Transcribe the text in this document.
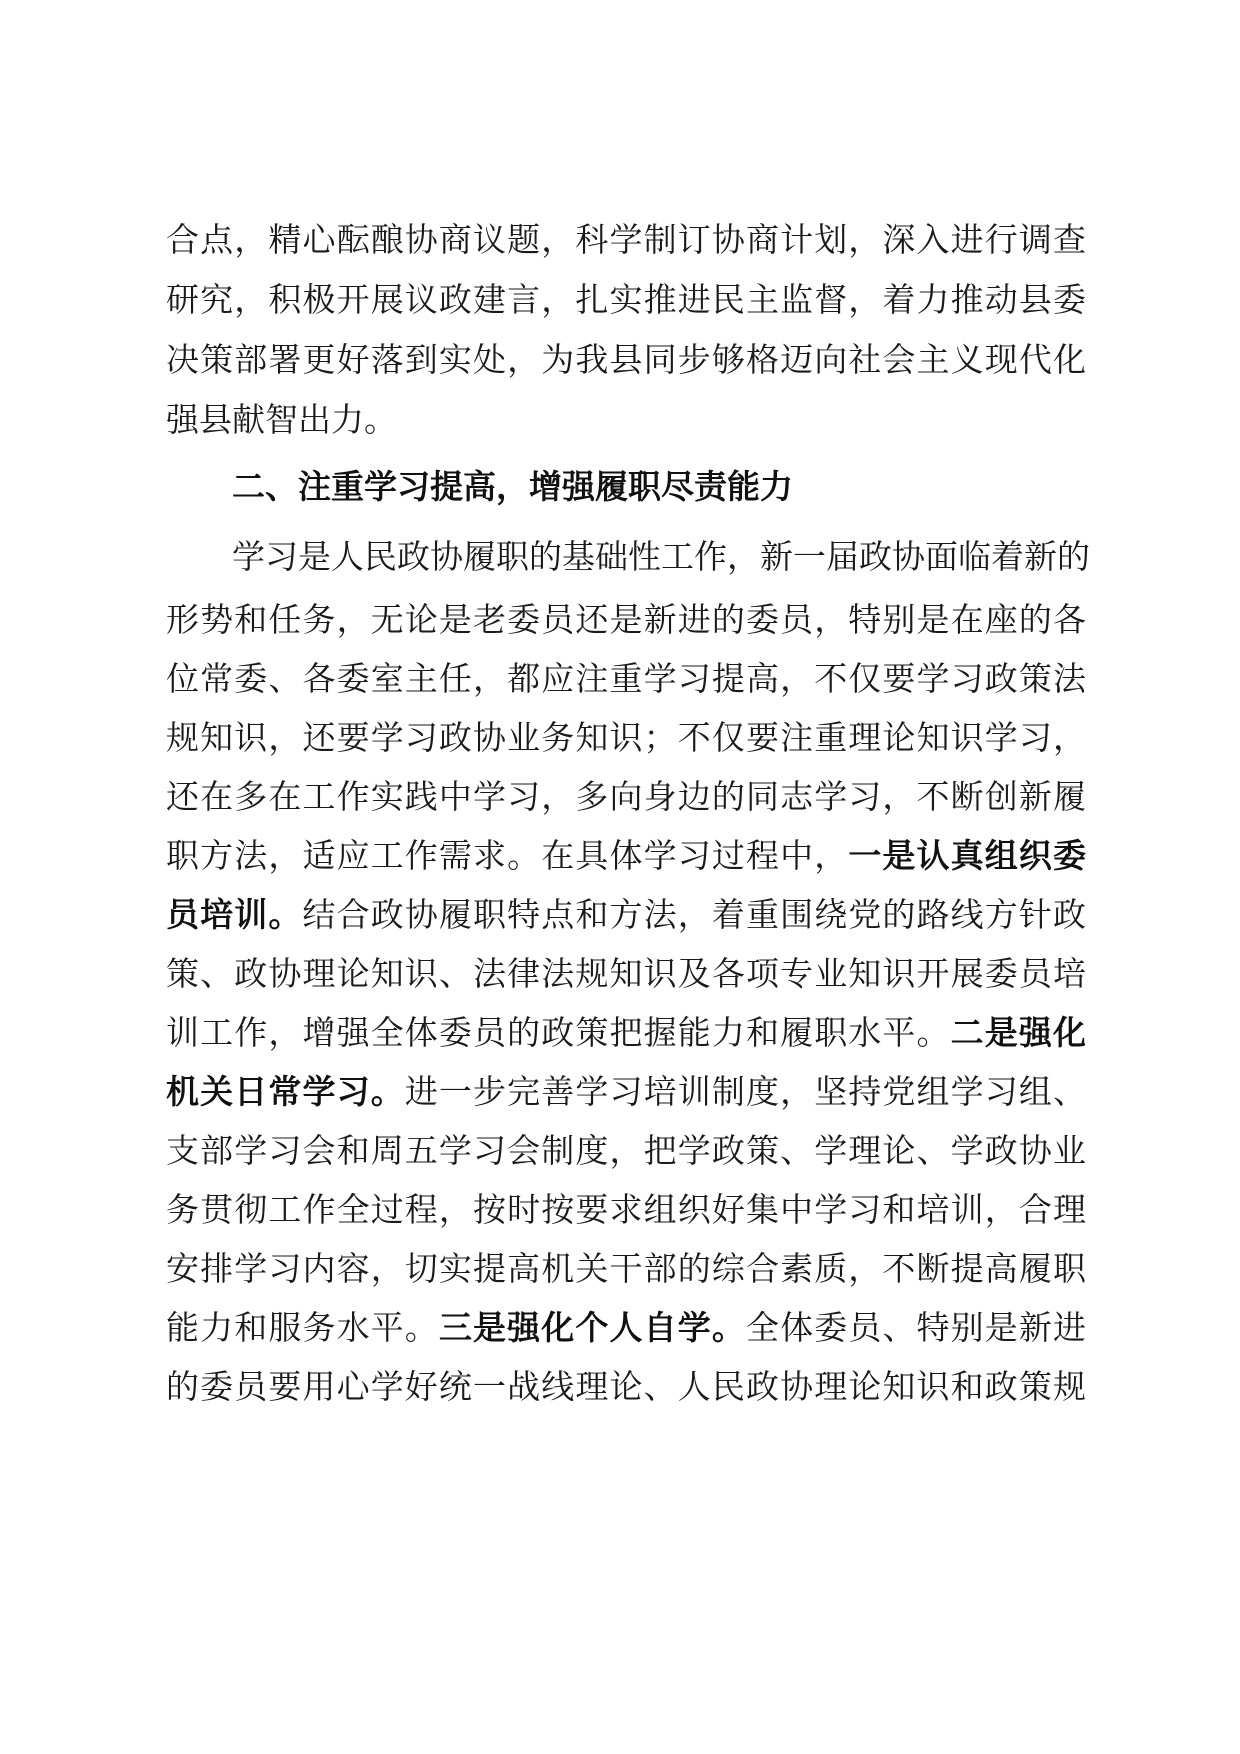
合点，精心酝酿协商议题，科学制订协商计划，深入进行调查
研究，积极开展议政建言，扎实推进民主监督，着力推动县委
决策部署更好落到实处，为我县同步够格迈向社会主义现代化
强县献智出力。
二、注重学习提高，增强履职尽责能力
学习是人民政协履职的基础性工作，新一届政协面临着新的
形势和任务，无论是老委员还是新进的委员，特别是在座的各
位常委、各委室主任，都应注重学习提高，不仅要学习政策法
规知识，还要学习政协业务知识；不仅要注重理论知识学习，
还在多在工作实践中学习，多向身边的同志学习，不断创新履
职方法，适应工作需求。在具体学习过程中，一是认真组织委
员培训。结合政协履职特点和方法，着重围绕党的路线方针政
策、政协理论知识、法律法规知识及各项专业知识开展委员培
训工作，增强全体委员的政策把握能力和履职水平。二是强化
机关日常学习。进一步完善学习培训制度，坚持党组学习组、
支部学习会和周五学习会制度，把学政策、学理论、学政协业
务贯彻工作全过程，按时按要求组织好集中学习和培训，合理
安排学习内容，切实提高机关干部的综合素质，不断提高履职
能力和服务水平。三是强化个人自学。全体委员、特别是新进
的委员要用心学好统一战线理论、人民政协理论知识和政策规
